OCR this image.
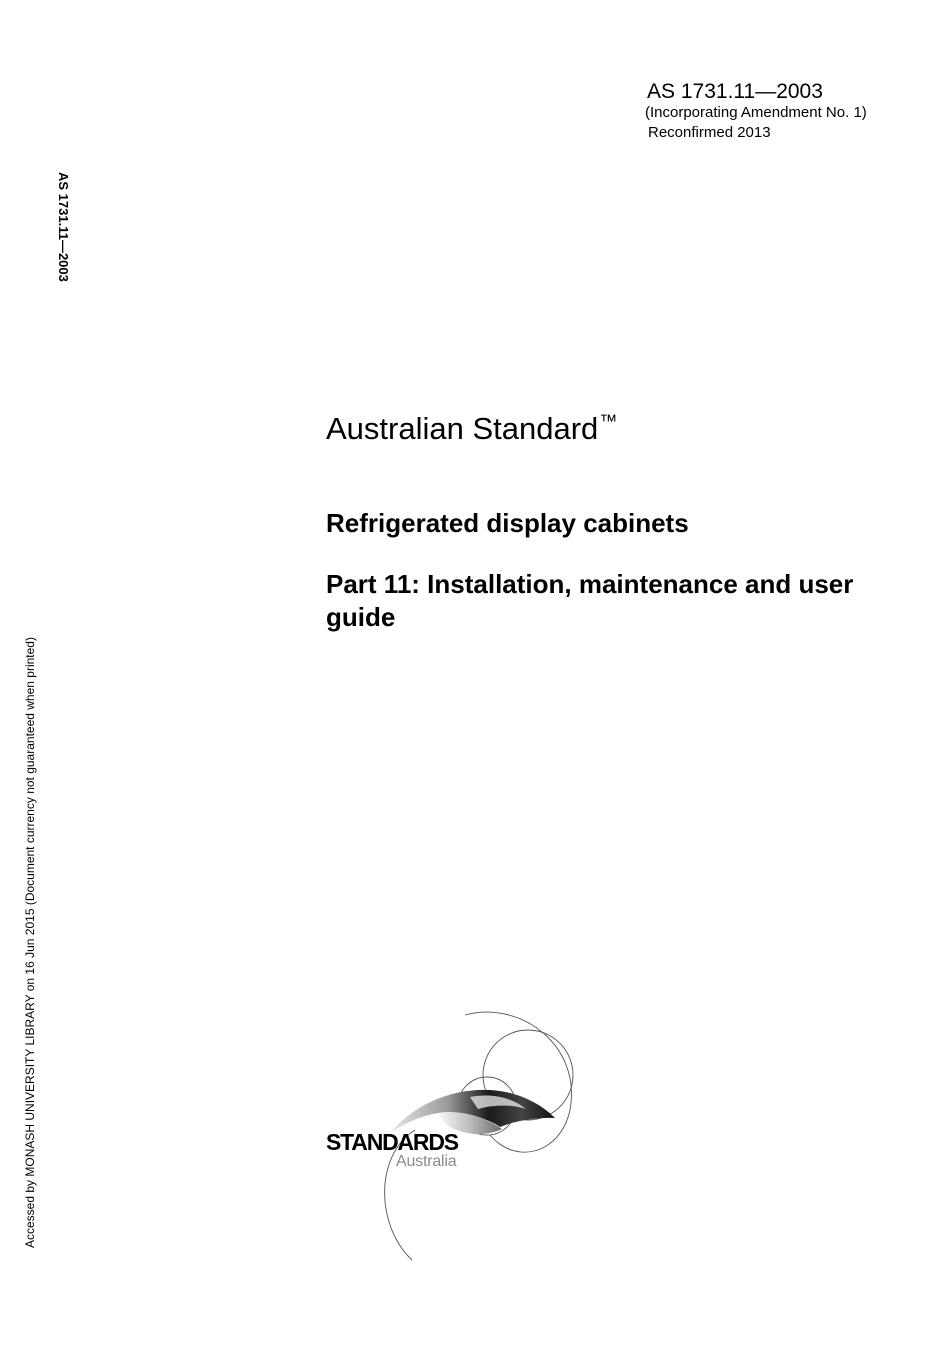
AS 1731.11—2003
(Incorporating Amendment No. 1)
Reconfirmed 2013
AS 1731.11—2003
Accessed by MONASH UNIVERSITY LIBRARY on 16 Jun 2015 (Document currency not guaranteed when printed)
Australian Standard™
Refrigerated display cabinets
Part 11: Installation, maintenance and user guide
STANDARDS
Australia
